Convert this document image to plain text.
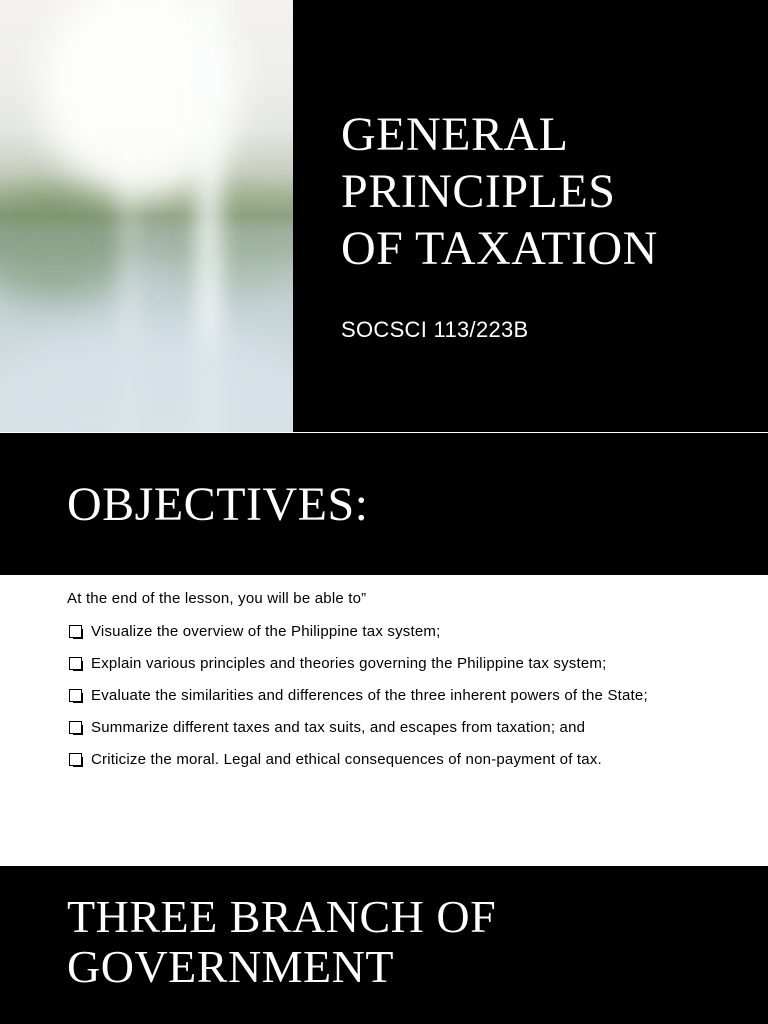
GENERAL
PRINCIPLES
OF TAXATION
SOCSCI 113/223B
OBJECTIVES:
At the end of the lesson, you will be able to”
Visualize the overview of the Philippine tax system;
Explain various principles and theories governing the Philippine tax system;
Evaluate the similarities and differences of the three inherent powers of the State;
Summarize different taxes and tax suits, and escapes from taxation; and
Criticize the moral. Legal and ethical consequences of non-payment of tax.
THREE BRANCH OF
GOVERNMENT
